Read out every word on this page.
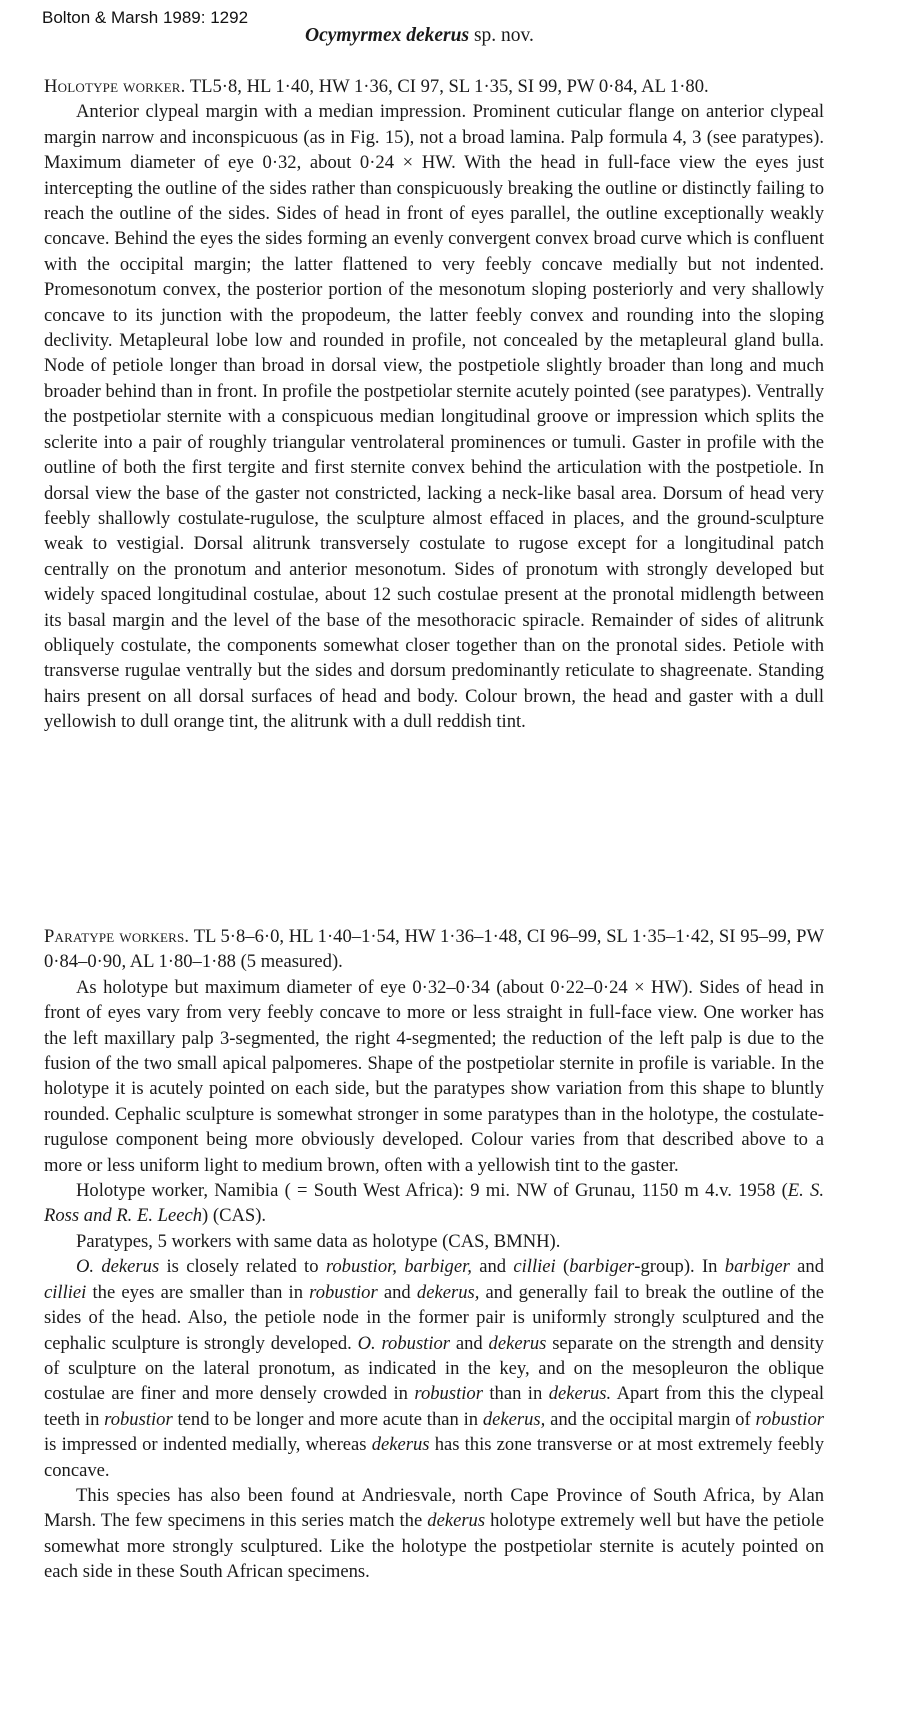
Bolton & Marsh 1989: 1292
Ocymyrmex dekerus sp. nov.

Holotype worker. TL5·8, HL 1·40, HW 1·36, CI 97, SL 1·35, SI 99, PW 0·84, AL 1·80.

Anterior clypeal margin with a median impression. Prominent cuticular flange on anterior clypeal margin narrow and inconspicuous (as in Fig. 15), not a broad lamina. Palp formula 4, 3 (see paratypes). Maximum diameter of eye 0·32, about 0·24 × HW. With the head in full-face view the eyes just intercepting the outline of the sides rather than conspicuously breaking the outline or distinctly failing to reach the outline of the sides. Sides of head in front of eyes parallel, the outline exceptionally weakly concave. Behind the eyes the sides forming an evenly convergent convex broad curve which is confluent with the occipital margin; the latter flattened to very feebly concave medially but not indented. Promesonotum convex, the posterior portion of the mesonotum sloping posteriorly and very shallowly concave to its junction with the propodeum, the latter feebly convex and rounding into the sloping declivity. Metapleural lobe low and rounded in profile, not concealed by the metapleural gland bulla. Node of petiole longer than broad in dorsal view, the postpetiole slightly broader than long and much broader behind than in front. In profile the postpetiolar sternite acutely pointed (see paratypes). Ventrally the postpetiolar sternite with a conspicuous median longitudinal groove or impression which splits the sclerite into a pair of roughly triangular ventrolateral prominences or tumuli. Gaster in profile with the outline of both the first tergite and first sternite convex behind the articulation with the postpetiole. In dorsal view the base of the gaster not constricted, lacking a neck-like basal area. Dorsum of head very feebly shallowly costulate-rugulose, the sculpture almost effaced in places, and the ground-sculpture weak to vestigial. Dorsal alitrunk transversely costulate to rugose except for a longitudinal patch centrally on the pronotum and anterior mesonotum. Sides of pronotum with strongly developed but widely spaced longitudinal costulae, about 12 such costulae present at the pronotal midlength between its basal margin and the level of the base of the mesothoracic spiracle. Remainder of sides of alitrunk obliquely costulate, the components somewhat closer together than on the pronotal sides. Petiole with transverse rugulae ventrally but the sides and dorsum predominantly reticulate to shagreenate. Standing hairs present on all dorsal surfaces of head and body. Colour brown, the head and gaster with a dull yellowish to dull orange tint, the alitrunk with a dull reddish tint.

Paratype workers. TL 5·8–6·0, HL 1·40–1·54, HW 1·36–1·48, CI 96–99, SL 1·35–1·42, SI 95–99, PW 0·84–0·90, AL 1·80–1·88 (5 measured).

As holotype but maximum diameter of eye 0·32–0·34 (about 0·22–0·24 × HW). Sides of head in front of eyes vary from very feebly concave to more or less straight in full-face view. One worker has the left maxillary palp 3-segmented, the right 4-segmented; the reduction of the left palp is due to the fusion of the two small apical palpomeres. Shape of the postpetiolar sternite in profile is variable. In the holotype it is acutely pointed on each side, but the paratypes show variation from this shape to bluntly rounded. Cephalic sculpture is somewhat stronger in some paratypes than in the holotype, the costulate-rugulose component being more obviously developed. Colour varies from that described above to a more or less uniform light to medium brown, often with a yellowish tint to the gaster.

Holotype worker, Namibia ( = South West Africa): 9 mi. NW of Grunau, 1150 m 4.v. 1958 (E. S. Ross and R. E. Leech) (CAS).

Paratypes, 5 workers with same data as holotype (CAS, BMNH).

O. dekerus is closely related to robustior, barbiger, and cilliei (barbiger-group). In barbiger and cilliei the eyes are smaller than in robustior and dekerus, and generally fail to break the outline of the sides of the head. Also, the petiole node in the former pair is uniformly strongly sculptured and the cephalic sculpture is strongly developed. O. robustior and dekerus separate on the strength and density of sculpture on the lateral pronotum, as indicated in the key, and on the mesopleuron the oblique costulae are finer and more densely crowded in robustior than in dekerus. Apart from this the clypeal teeth in robustior tend to be longer and more acute than in dekerus, and the occipital margin of robustior is impressed or indented medially, whereas dekerus has this zone transverse or at most extremely feebly concave.

This species has also been found at Andriesvale, north Cape Province of South Africa, by Alan Marsh. The few specimens in this series match the dekerus holotype extremely well but have the petiole somewhat more strongly sculptured. Like the holotype the postpetiolar sternite is acutely pointed on each side in these South African specimens.
